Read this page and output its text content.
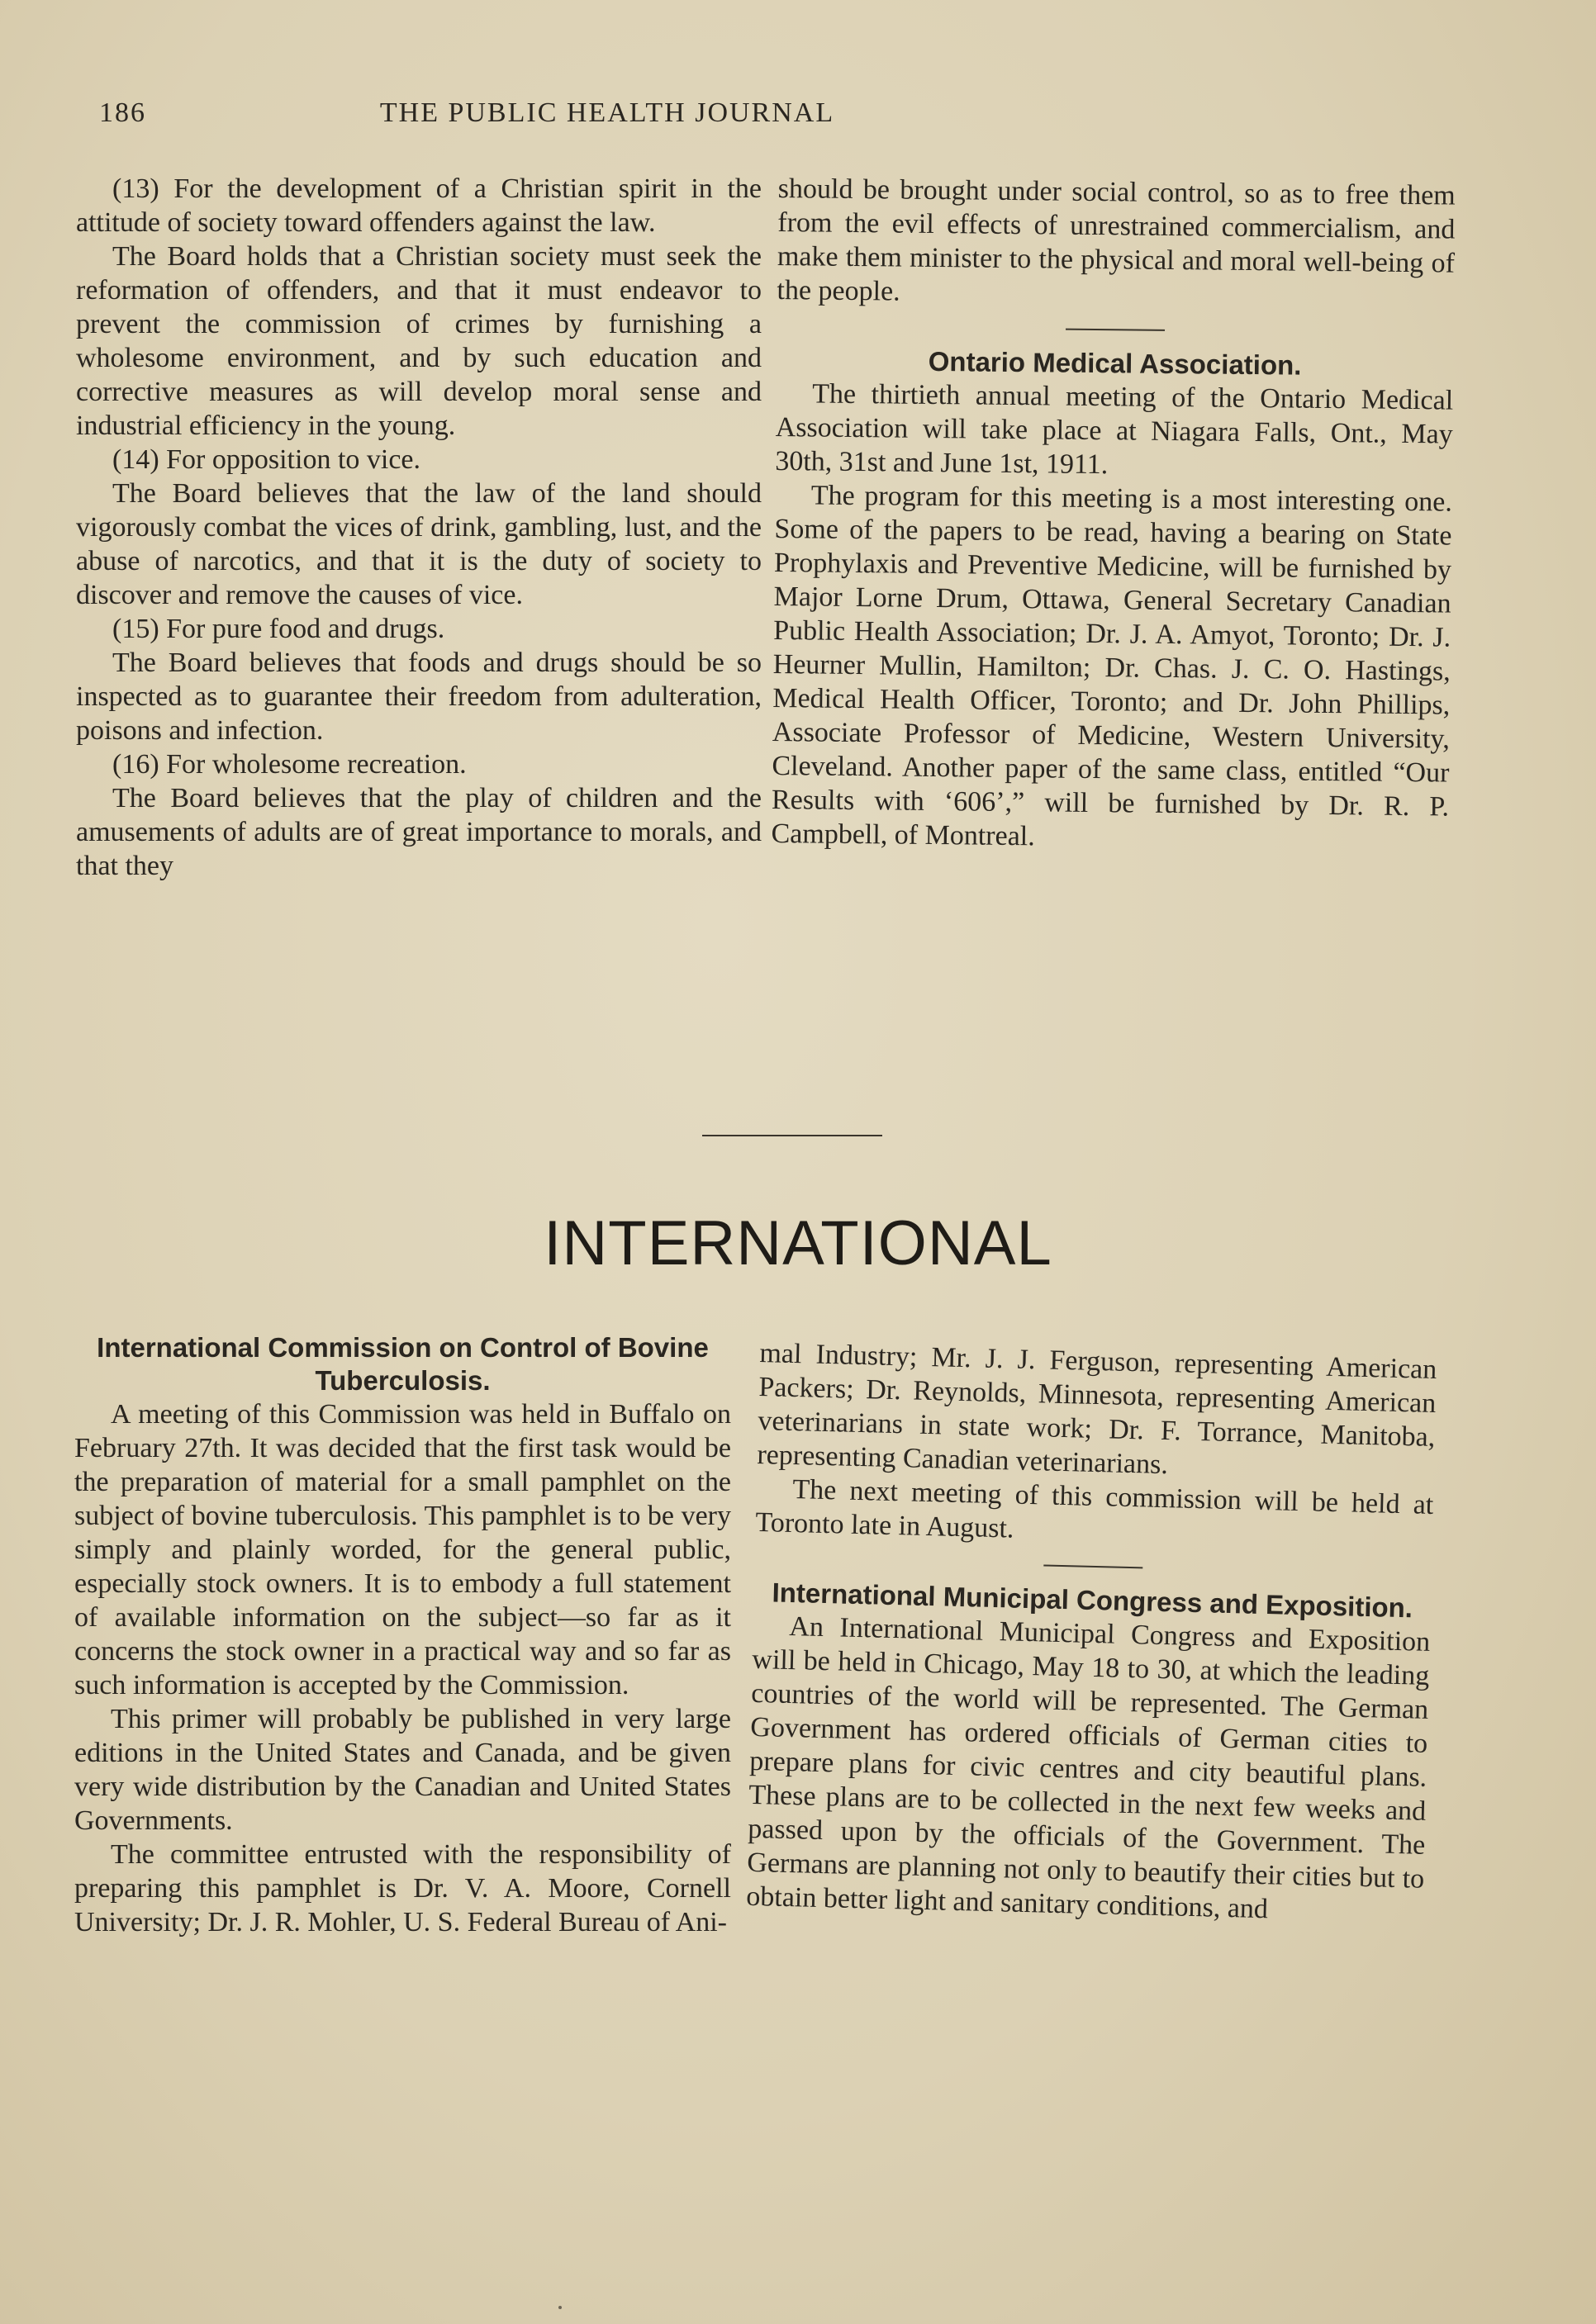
186	THE PUBLIC HEALTH JOURNAL

(13) For the development of a Christian spirit in the attitude of society toward offenders against the law.

The Board holds that a Christian society must seek the reformation of offenders, and that it must endeavor to prevent the commission of crimes by furnishing a wholesome environment, and by such education and corrective measures as will develop moral sense and industrial efficiency in the young.

(14) For opposition to vice.

The Board believes that the law of the land should vigorously combat the vices of drink, gambling, lust, and the abuse of narcotics, and that it is the duty of society to discover and remove the causes of vice.

(15) For pure food and drugs.

The Board believes that foods and drugs should be so inspected as to guarantee their freedom from adulteration, poisons and infection.

(16) For wholesome recreation.

The Board believes that the play of children and the amusements of adults are of great importance to morals, and that they

should be brought under social control, so as to free them from the evil effects of unrestrained commercialism, and make them minister to the physical and moral well-being of the people.

Ontario Medical Association.

The thirtieth annual meeting of the Ontario Medical Association will take place at Niagara Falls, Ont., May 30th, 31st and June 1st, 1911.

The program for this meeting is a most interesting one. Some of the papers to be read, having a bearing on State Prophylaxis and Preventive Medicine, will be furnished by Major Lorne Drum, Ottawa, General Secretary Canadian Public Health Association; Dr. J. A. Amyot, Toronto; Dr. J. Heurner Mullin, Hamilton; Dr. Chas. J. C. O. Hastings, Medical Health Officer, Toronto; and Dr. John Phillips, Associate Professor of Medicine, Western University, Cleveland. Another paper of the same class, entitled “Our Results with ‘606’,” will be furnished by Dr. R. P. Campbell, of Montreal.

INTERNATIONAL

International Commission on Control of Bovine Tuberculosis.

A meeting of this Commission was held in Buffalo on February 27th. It was decided that the first task would be the preparation of material for a small pamphlet on the subject of bovine tuberculosis. This pamphlet is to be very simply and plainly worded, for the general public, especially stock owners. It is to embody a full statement of available information on the subject—so far as it concerns the stock owner in a practical way and so far as such information is accepted by the Commission.

This primer will probably be published in very large editions in the United States and Canada, and be given very wide distribution by the Canadian and United States Governments.

The committee entrusted with the responsibility of preparing this pamphlet is Dr. V. A. Moore, Cornell University; Dr. J. R. Mohler, U. S. Federal Bureau of Ani-

mal Industry; Mr. J. J. Ferguson, representing American Packers; Dr. Reynolds, Minnesota, representing American veterinarians in state work; Dr. F. Torrance, Manitoba, representing Canadian veterinarians.

The next meeting of this commission will be held at Toronto late in August.

International Municipal Congress and Exposition.

An International Municipal Congress and Exposition will be held in Chicago, May 18 to 30, at which the leading countries of the world will be represented. The German Government has ordered officials of German cities to prepare plans for civic centres and city beautiful plans. These plans are to be collected in the next few weeks and passed upon by the officials of the Government. The Germans are planning not only to beautify their cities but to obtain better light and sanitary conditions, and
